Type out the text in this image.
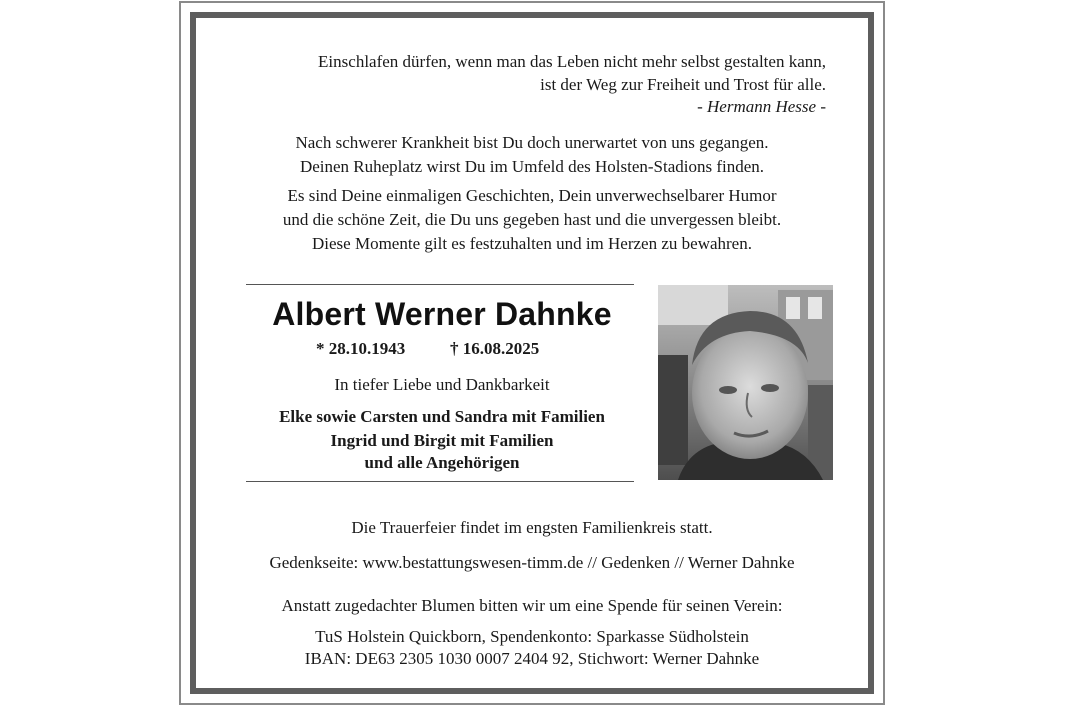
Einschlafen dürfen, wenn man das Leben nicht mehr selbst gestalten kann,
ist der Weg zur Freiheit und Trost für alle.
- Hermann Hesse -
Nach schwerer Krankheit bist Du doch unerwartet von uns gegangen.
Deinen Ruheplatz wirst Du im Umfeld des Holsten-Stadions finden.
Es sind Deine einmaligen Geschichten, Dein unverwechselbarer Humor
und die schöne Zeit, die Du uns gegeben hast und die unvergessen bleibt.
Diese Momente gilt es festzuhalten und im Herzen zu bewahren.
Albert Werner Dahnke
* 28.10.1943	† 16.08.2025
In tiefer Liebe und Dankbarkeit
Elke sowie Carsten und Sandra mit Familien
Ingrid und Birgit mit Familien
und alle Angehörigen
Die Trauerfeier findet im engsten Familienkreis statt.
Gedenkseite: www.bestattungswesen-timm.de // Gedenken // Werner Dahnke
Anstatt zugedachter Blumen bitten wir um eine Spende für seinen Verein:
TuS Holstein Quickborn, Spendenkonto: Sparkasse Südholstein
IBAN: DE63 2305 1030 0007 2404 92, Stichwort: Werner Dahnke
